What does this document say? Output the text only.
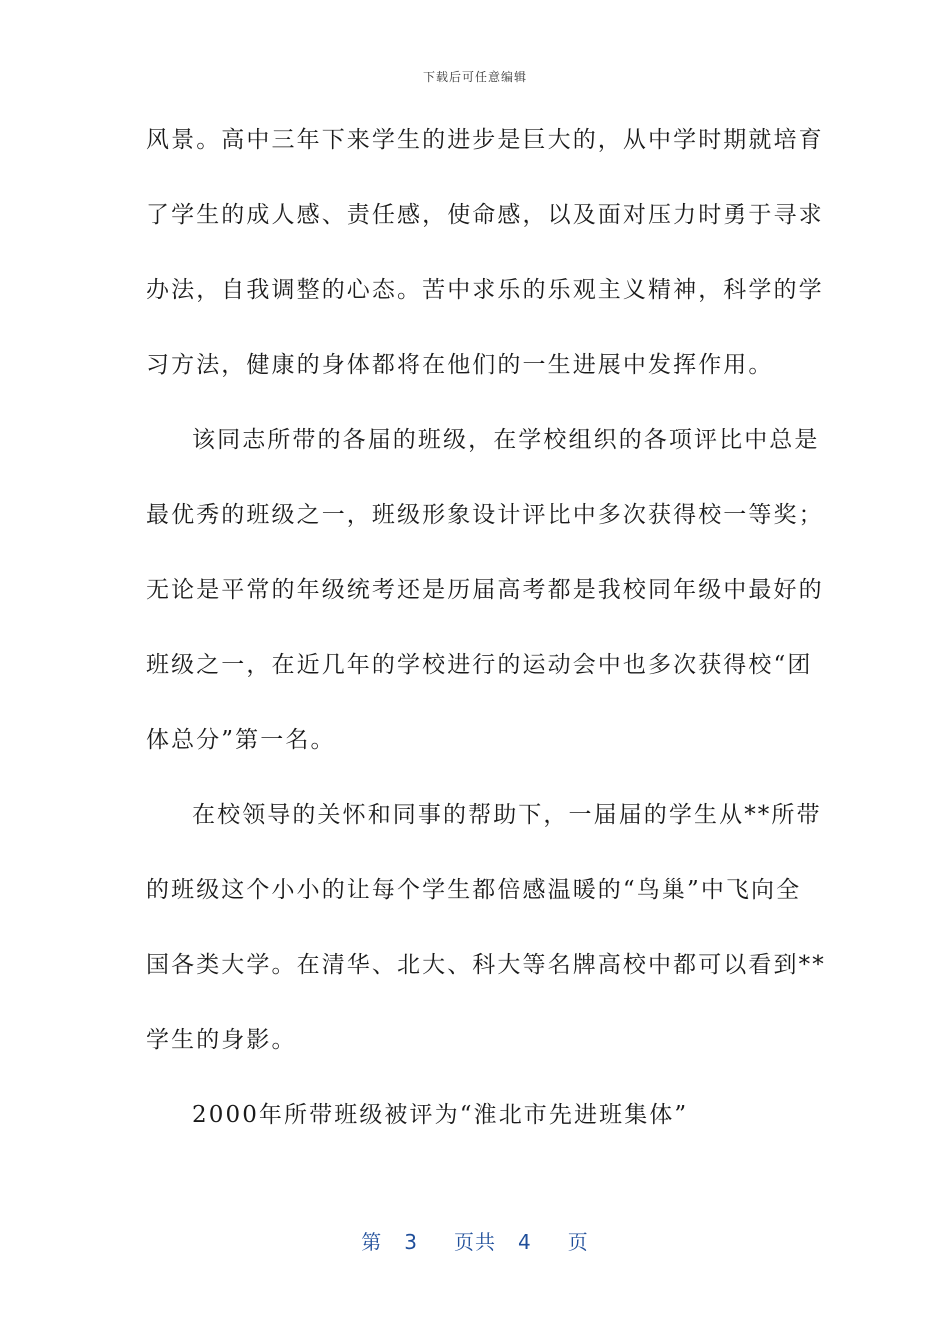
下载后可任意编辑
风景。高中三年下来学生的进步是巨大的，从中学时期就培育
了学生的成人感、责任感，使命感，以及面对压力时勇于寻求
办法，自我调整的心态。苦中求乐的乐观主义精神，科学的学
习方法，健康的身体都将在他们的一生进展中发挥作用。
该同志所带的各届的班级，在学校组织的各项评比中总是
最优秀的班级之一，班级形象设计评比中多次获得校一等奖；
无论是平常的年级统考还是历届高考都是我校同年级中最好的
班级之一，在近几年的学校进行的运动会中也多次获得校“团
体总分”第一名。
在校领导的关怀和同事的帮助下，一届届的学生从**所带
的班级这个小小的让每个学生都倍感温暖的“鸟巢”中飞向全
国各类大学。在清华、北大、科大等名牌高校中都可以看到**
学生的身影。
2000年所带班级被评为“淮北市先进班集体”
第 3 页共 4 页
